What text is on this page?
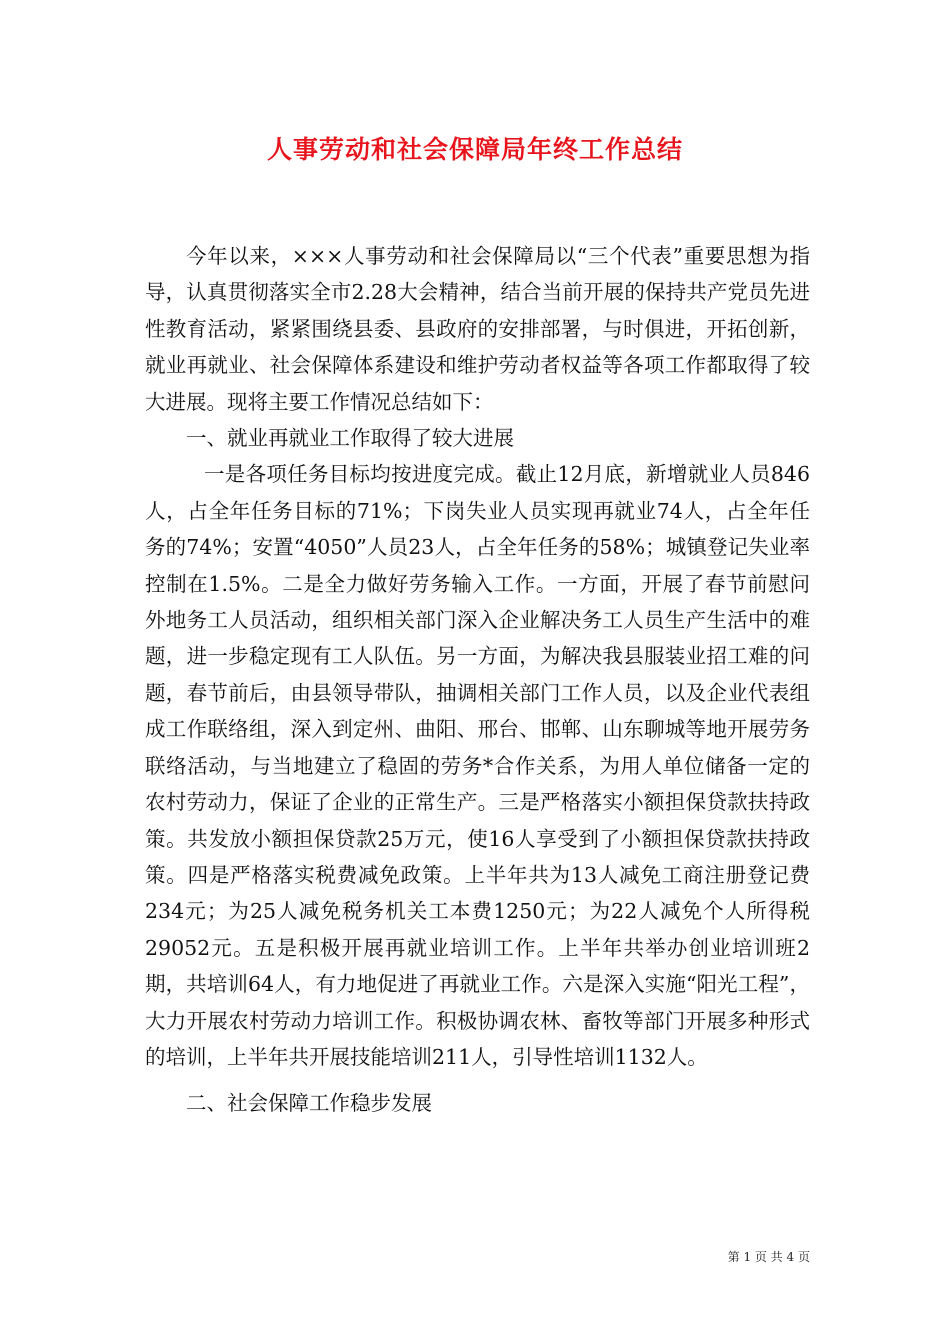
人事劳动和社会保障局年终工作总结

今年以来，×××人事劳动和社会保障局以“三个代表”重要思想为指导，认真贯彻落实全市2.28大会精神，结合当前开展的保持共产党员先进性教育活动，紧紧围绕县委、县政府的安排部署，与时俱进，开拓创新，就业再就业、社会保障体系建设和维护劳动者权益等各项工作都取得了较大进展。现将主要工作情况总结如下：

一、就业再就业工作取得了较大进展

一是各项任务目标均按进度完成。截止12月底，新增就业人员846人，占全年任务目标的71%；下岗失业人员实现再就业74人，占全年任务的74%；安置“4050”人员23人，占全年任务的58%；城镇登记失业率控制在1.5%。二是全力做好劳务输入工作。一方面，开展了春节前慰问外地务工人员活动，组织相关部门深入企业解决务工人员生产生活中的难题，进一步稳定现有工人队伍。另一方面，为解决我县服装业招工难的问题，春节前后，由县领导带队，抽调相关部门工作人员，以及企业代表组成工作联络组，深入到定州、曲阳、邢台、邯郸、山东聊城等地开展劳务联络活动，与当地建立了稳固的劳务*合作关系，为用人单位储备一定的农村劳动力，保证了企业的正常生产。三是严格落实小额担保贷款扶持政策。共发放小额担保贷款25万元，使16人享受到了小额担保贷款扶持政策。四是严格落实税费减免政策。上半年共为13人减免工商注册登记费234元；为25人减免税务机关工本费1250元；为22人减免个人所得税29052元。五是积极开展再就业培训工作。上半年共举办创业培训班2期，共培训64人，有力地促进了再就业工作。六是深入实施“阳光工程”，大力开展农村劳动力培训工作。积极协调农林、畜牧等部门开展多种形式的培训，上半年共开展技能培训211人，引导性培训1132人。

二、社会保障工作稳步发展

第 1 页 共 4 页
